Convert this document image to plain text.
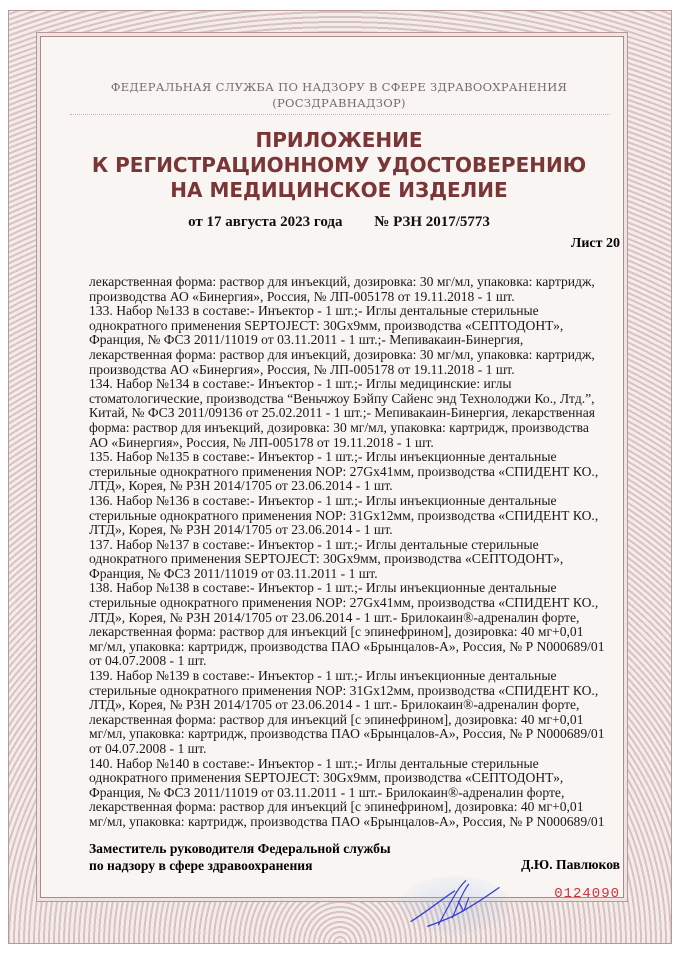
ФЕДЕРАЛЬНАЯ СЛУЖБА ПО НАДЗОРУ В СФЕРЕ ЗДРАВООХРАНЕНИЯ
(РОСЗДРАВНАДЗОР)
ПРИЛОЖЕНИЕ
К РЕГИСТРАЦИОННОМУ УДОСТОВЕРЕНИЮ
НА МЕДИЦИНСКОЕ ИЗДЕЛИЕ
от 17 августа 2023 года № РЗН 2017/5773
Лист 20
лекарственная форма: раствор для инъекций, дозировка: 30 мг/мл, упаковка: картридж,
производства АО «Бинергия», Россия, № ЛП-005178 от 19.11.2018 - 1 шт.
133. Набор №133 в составе:- Инъектор - 1 шт.;- Иглы дентальные стерильные
однократного применения SEPTOJECT: 30Gx9мм, производства «СЕПТОДОНТ»,
Франция, № ФСЗ 2011/11019 от 03.11.2011 - 1 шт.;- Мепивакаин-Бинергия,
лекарственная форма: раствор для инъекций, дозировка: 30 мг/мл, упаковка: картридж,
производства АО «Бинергия», Россия, № ЛП-005178 от 19.11.2018 - 1 шт.
134. Набор №134 в составе:- Инъектор - 1 шт.;- Иглы медицинские: иглы
стоматологические, производства “Веньчжоу Бэйпу Сайенс энд Технолоджи Ко., Лтд.”,
Китай, № ФСЗ 2011/09136 от 25.02.2011 - 1 шт.;- Мепивакаин-Бинергия, лекарственная
форма: раствор для инъекций, дозировка: 30 мг/мл, упаковка: картридж, производства
АО «Бинергия», Россия, № ЛП-005178 от 19.11.2018 - 1 шт.
135. Набор №135 в составе:- Инъектор - 1 шт.;- Иглы инъекционные дентальные
стерильные однократного применения NOP: 27Gx41мм, производства «СПИДЕНТ КО.,
ЛТД», Корея, № РЗН 2014/1705 от 23.06.2014 - 1 шт.
136. Набор №136 в составе:- Инъектор - 1 шт.;- Иглы инъекционные дентальные
стерильные однократного применения NOP: 31Gx12мм, производства «СПИДЕНТ КО.,
ЛТД», Корея, № РЗН 2014/1705 от 23.06.2014 - 1 шт.
137. Набор №137 в составе:- Инъектор - 1 шт.;- Иглы дентальные стерильные
однократного применения SEPTOJECT: 30Gx9мм, производства «СЕПТОДОНТ»,
Франция, № ФСЗ 2011/11019 от 03.11.2011 - 1 шт.
138. Набор №138 в составе:- Инъектор - 1 шт.;- Иглы инъекционные дентальные
стерильные однократного применения NOP: 27Gx41мм, производства «СПИДЕНТ КО.,
ЛТД», Корея, № РЗН 2014/1705 от 23.06.2014 - 1 шт.- Брилокаин®-адреналин форте,
лекарственная форма: раствор для инъекций [с эпинефрином], дозировка: 40 мг+0,01
мг/мл, упаковка: картридж, производства ПАО «Брынцалов-А», Россия, № Р N000689/01
от 04.07.2008 - 1 шт.
139. Набор №139 в составе:- Инъектор - 1 шт.;- Иглы инъекционные дентальные
стерильные однократного применения NOP: 31Gx12мм, производства «СПИДЕНТ КО.,
ЛТД», Корея, № РЗН 2014/1705 от 23.06.2014 - 1 шт.- Брилокаин®-адреналин форте,
лекарственная форма: раствор для инъекций [с эпинефрином], дозировка: 40 мг+0,01
мг/мл, упаковка: картридж, производства ПАО «Брынцалов-А», Россия, № Р N000689/01
от 04.07.2008 - 1 шт.
140. Набор №140 в составе:- Инъектор - 1 шт.;- Иглы дентальные стерильные
однократного применения SEPTOJECT: 30Gx9мм, производства «СЕПТОДОНТ»,
Франция, № ФСЗ 2011/11019 от 03.11.2011 - 1 шт.- Брилокаин®-адреналин форте,
лекарственная форма: раствор для инъекций [с эпинефрином], дозировка: 40 мг+0,01
мг/мл, упаковка: картридж, производства ПАО «Брынцалов-А», Россия, № Р N000689/01
Заместитель руководителя Федеральной службы
по надзору в сфере здравоохранения	Д.Ю. Павлюков
0124090
